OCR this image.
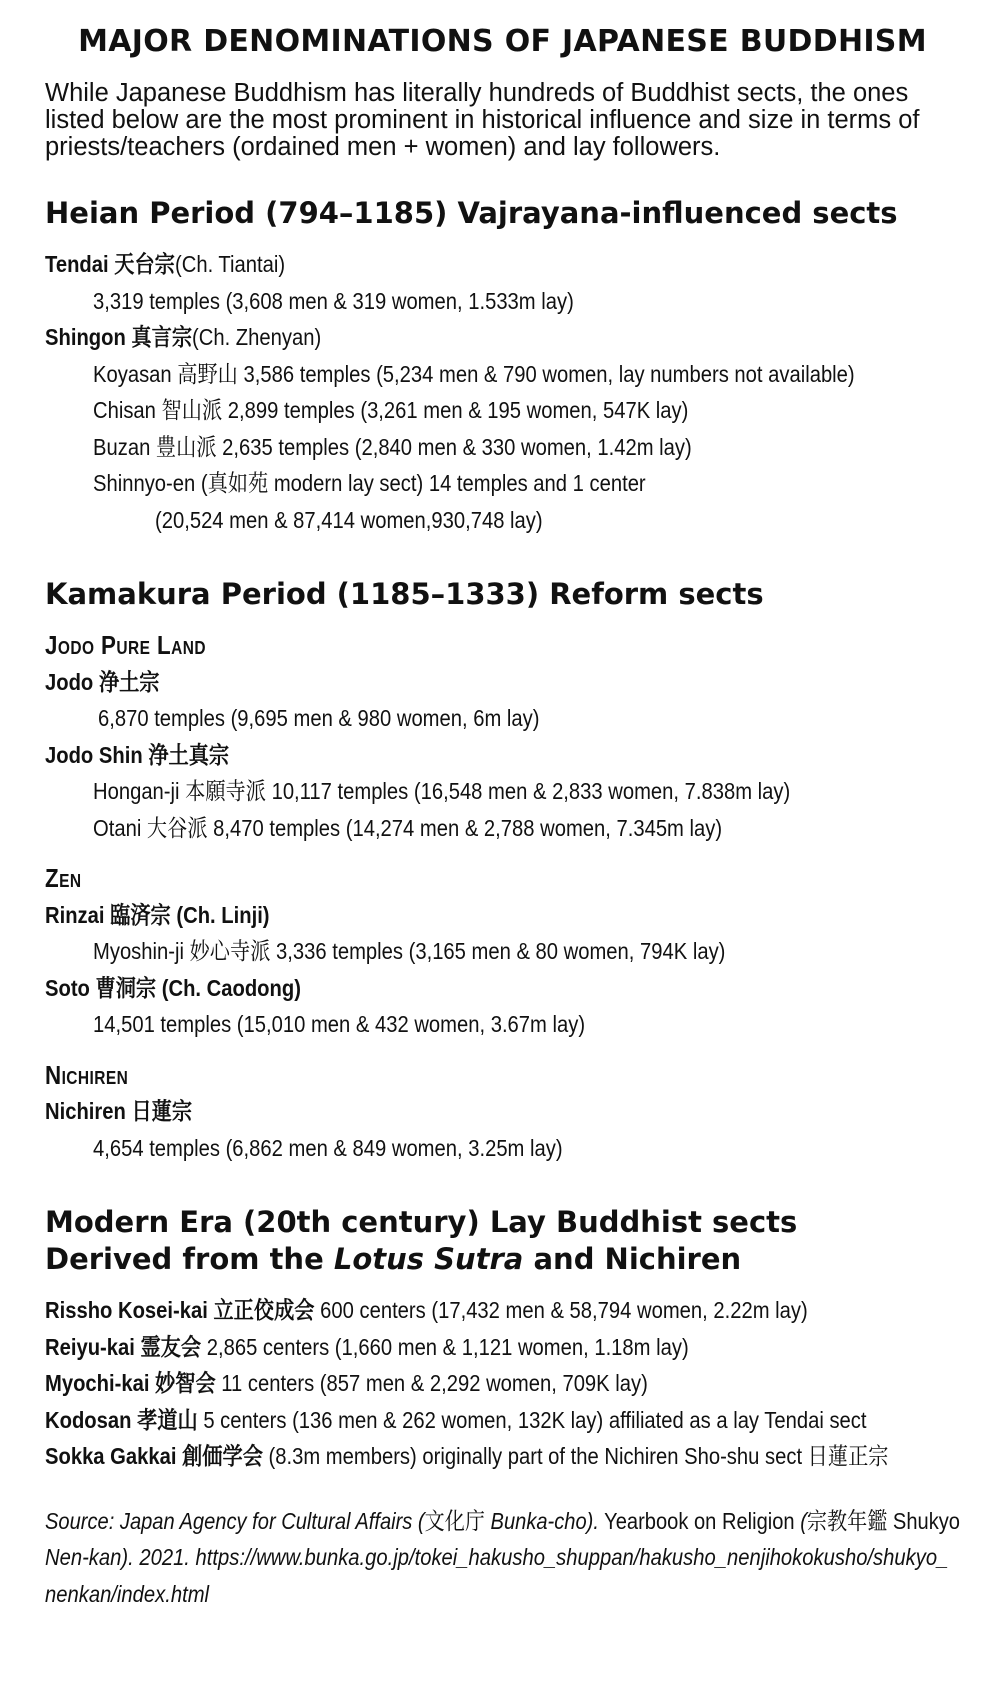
MAJOR DENOMINATIONS OF JAPANESE BUDDHISM

While Japanese Buddhism has literally hundreds of Buddhist sects, the ones listed below are the most prominent in historical influence and size in terms of priests/teachers (ordained men + women) and lay followers.

Heian Period (794–1185) Vajrayana-influenced sects
Tendai 天台宗(Ch. Tiantai)
3,319 temples (3,608 men & 319 women, 1.533m lay)
Shingon 真言宗(Ch. Zhenyan)
Koyasan 高野山 3,586 temples (5,234 men & 790 women, lay numbers not available)
Chisan 智山派 2,899 temples (3,261 men & 195 women, 547K lay)
Buzan 豊山派 2,635 temples (2,840 men & 330 women, 1.42m lay)
Shinnyo-en (真如苑 modern lay sect) 14 temples and 1 center
(20,524 men & 87,414 women,930,748 lay)
Kamakura Period (1185–1333) Reform sects
Jodo Pure Land
Jodo 浄土宗
6,870 temples (9,695 men & 980 women, 6m lay)
Jodo Shin 浄土真宗
Hongan-ji 本願寺派 10,117 temples (16,548 men & 2,833 women, 7.838m lay)
Otani 大谷派 8,470 temples (14,274 men & 2,788 women, 7.345m lay)
Zen
Rinzai 臨済宗 (Ch. Linji)
Myoshin-ji 妙心寺派 3,336 temples (3,165 men & 80 women, 794K lay)
Soto 曹洞宗 (Ch. Caodong)
14,501 temples (15,010 men & 432 women, 3.67m lay)
Nichiren
Nichiren 日蓮宗
4,654 temples (6,862 men & 849 women, 3.25m lay)
Modern Era (20th century) Lay Buddhist sects
Derived from the Lotus Sutra and Nichiren
Rissho Kosei-kai 立正佼成会 600 centers (17,432 men & 58,794 women, 2.22m lay)
Reiyu-kai 霊友会 2,865 centers (1,660 men & 1,121 women, 1.18m lay)
Myochi-kai 妙智会 11 centers (857 men & 2,292 women, 709K lay)
Kodosan 孝道山 5 centers (136 men & 262 women, 132K lay) affiliated as a lay Tendai sect
Sokka Gakkai 創価学会 (8.3m members) originally part of the Nichiren Sho-shu sect 日蓮正宗
Source: Japan Agency for Cultural Affairs (文化庁 Bunka-cho). Yearbook on Religion (宗教年鑑 Shukyo
Nen-kan). 2021. https://www.bunka.go.jp/tokei_hakusho_shuppan/hakusho_nenjihokokusho/shukyo_
nenkan/index.html
